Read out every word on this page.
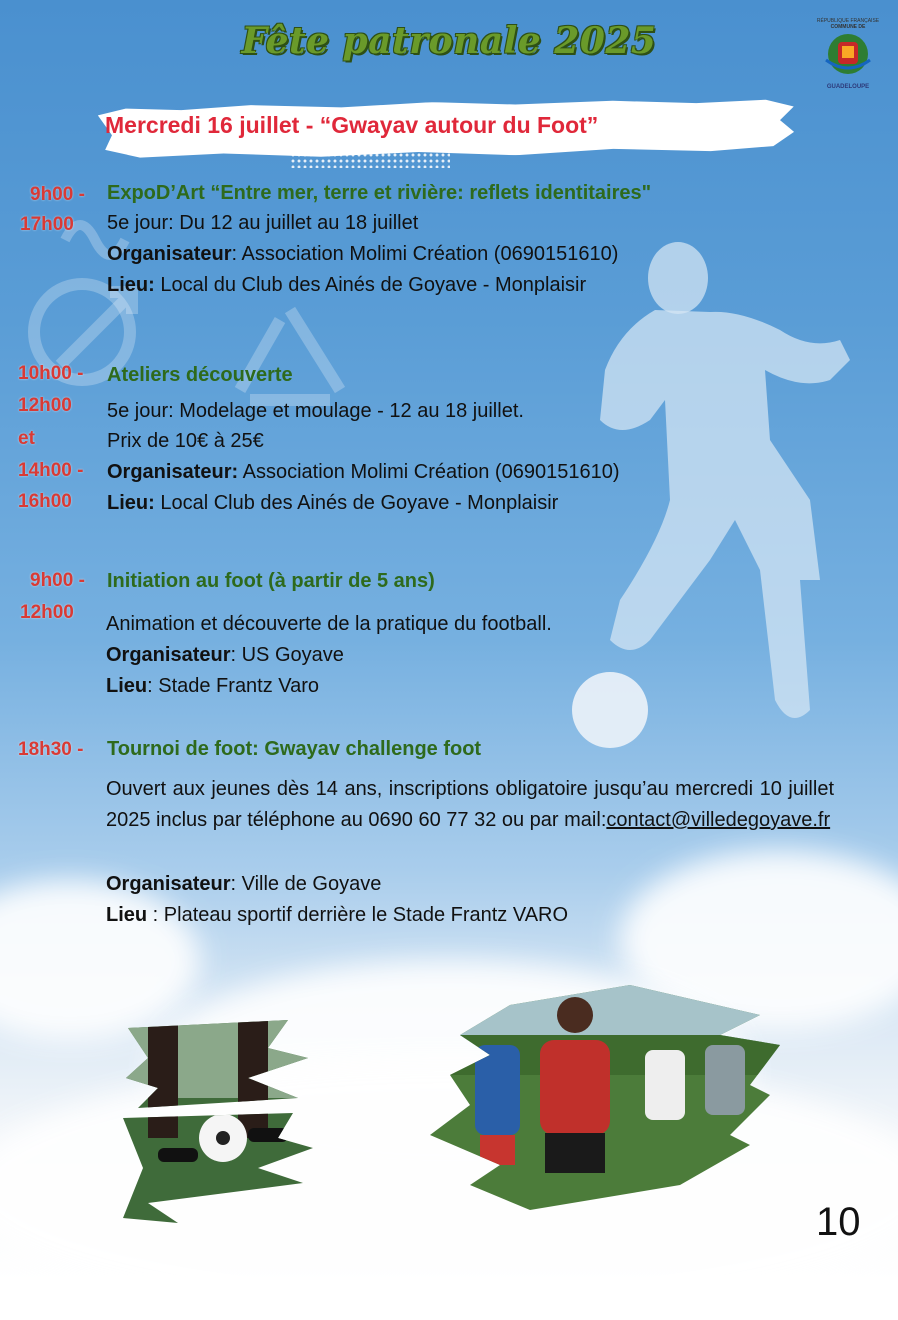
Fête patronale 2025	RÉPUBLIQUE FRANÇAISE
COMMUNE DE
GUADELOUPE
Mercredi 16 juillet - “Gwayav autour du Foot”
9h00 -
17h00
ExpoD’Art “Entre mer, terre et rivière: reflets identitaires"
5e jour: Du 12 au juillet au 18 juillet
Organisateur: Association Molimi Création (0690151610)
Lieu: Local du Club des Ainés de Goyave - Monplaisir
10h00 -
12h00
et
14h00 -
16h00
Ateliers découverte
5e jour: Modelage et moulage - 12 au 18 juillet.
Prix de 10€ à 25€
Organisateur: Association Molimi Création (0690151610)
Lieu: Local Club des Ainés de Goyave - Monplaisir
9h00 -
12h00
Initiation au foot (à partir de 5 ans)
Animation et découverte de la pratique du football.
Organisateur: US Goyave
Lieu: Stade Frantz Varo
18h30 - Tournoi de foot: Gwayav challenge foot
Ouvert aux jeunes dès 14 ans, inscriptions obligatoire jusqu’au mercredi 10 juillet 2025 inclus par téléphone au 0690 60 77 32 ou par mail:contact@villedegoyave.fr
Organisateur: Ville de Goyave
Lieu : Plateau sportif derrière le Stade Frantz VARO
10
